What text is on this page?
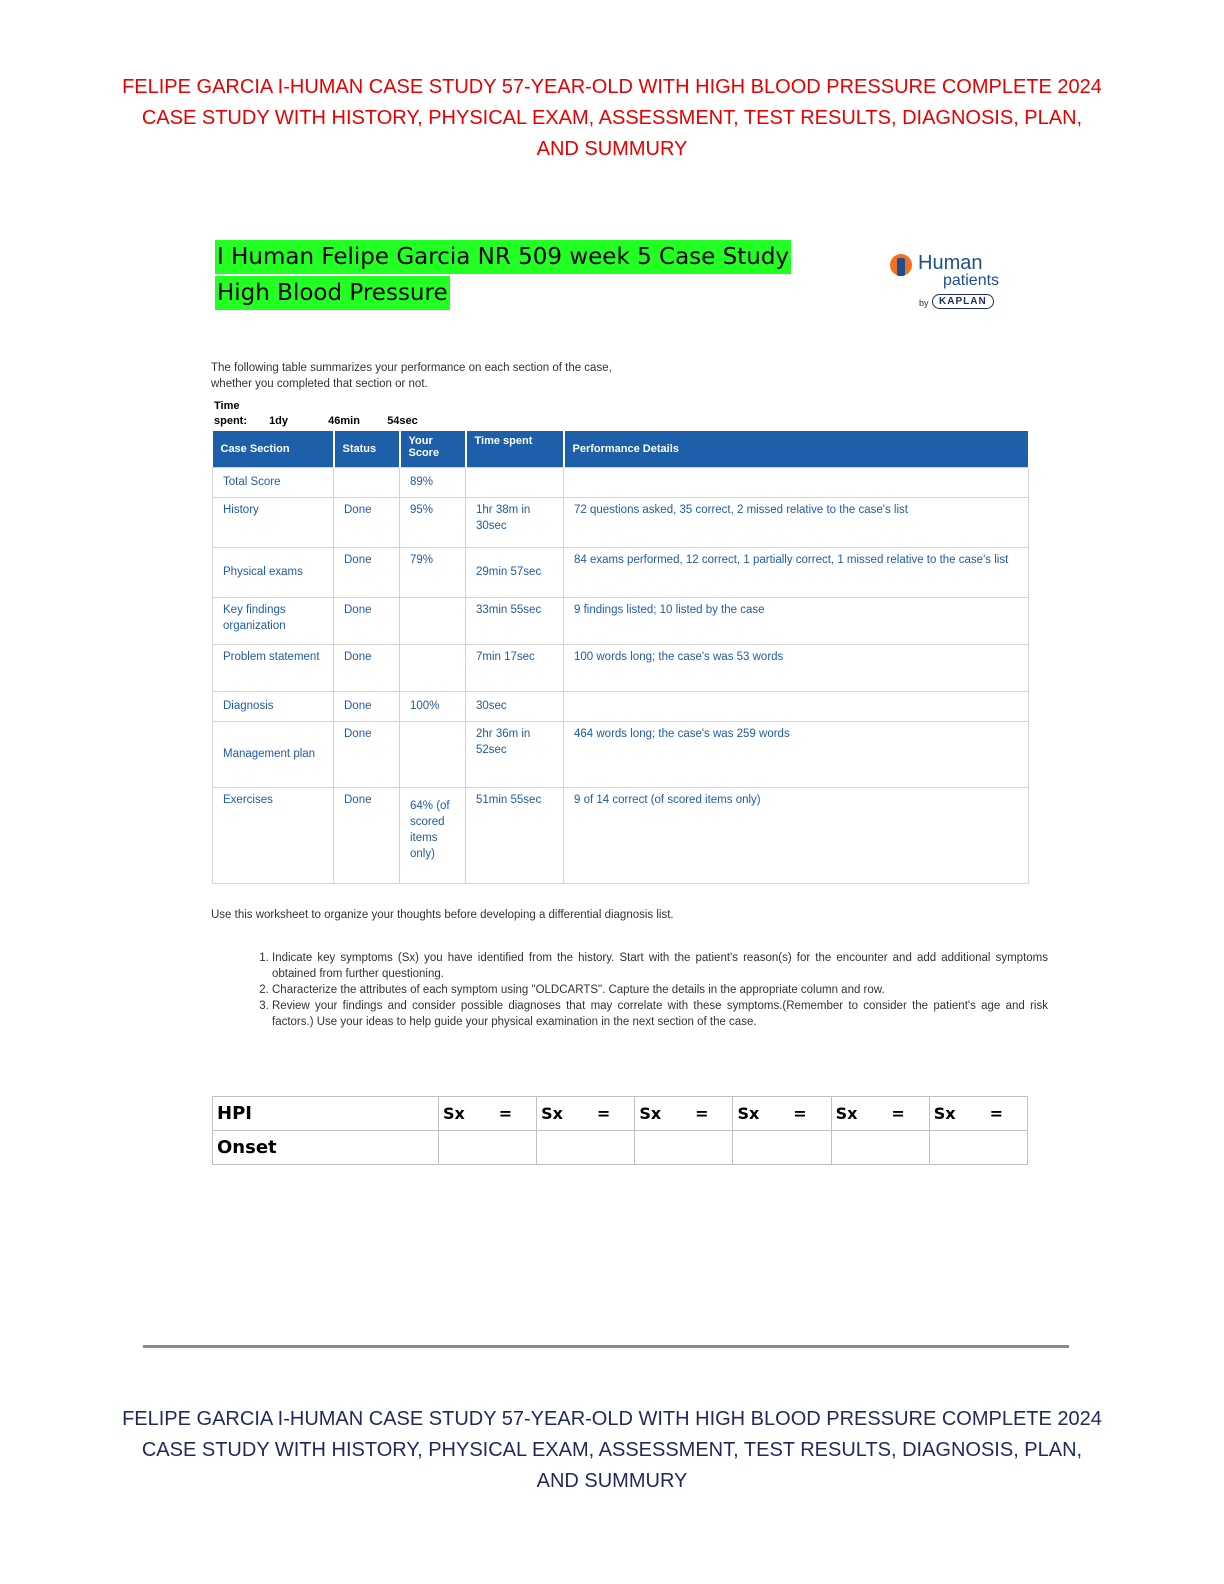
FELIPE GARCIA I-HUMAN CASE STUDY 57-YEAR-OLD WITH HIGH BLOOD PRESSURE COMPLETE 2024 CASE STUDY WITH HISTORY, PHYSICAL EXAM, ASSESSMENT, TEST RESULTS, DIAGNOSIS, PLAN, AND SUMMURY
I Human Felipe Garcia NR 509 week 5 Case Study
High Blood Pressure
Human
patients
by	KAPLAN
The following table summarizes your performance on each section of the case,
whether you completed that section or not.
Time spent: 1dy	46min 54sec

Case Section	Status	Your Score	Time spent	Performance Details
Total Score		89%		
History	Done	95%	1hr 38m in 30sec	72 questions asked, 35 correct, 2 missed relative to the case's list
Physical exams	Done	79%	29min 57sec	84 exams performed, 12 correct, 1 partially correct, 1 missed relative to the case's list
Key findings organization	Done		33min 55sec	9 findings listed; 10 listed by the case
Problem statement	Done		7min 17sec	100 words long; the case's was 53 words
Diagnosis	Done	100%	30sec	
Management plan	Done		2hr 36m in 52sec	464 words long; the case's was 259 words
Exercises	Done	64% (of scored items only)	51min 55sec	9 of 14 correct (of scored items only)
Use this worksheet to organize your thoughts before developing a differential diagnosis list.
1. Indicate key symptoms (Sx) you have identified from the history. Start with the patient's reason(s) for the encounter and add additional symptoms obtained from further questioning.
2. Characterize the attributes of each symptom using "OLDCARTS". Capture the details in the appropriate column and row.
3. Review your findings and consider possible diagnoses that may correlate with these symptoms.(Remember to consider the patient's age and risk factors.) Use your ideas to help guide your physical examination in the next section of the case.
HPI	Sx =	Sx =	Sx =	Sx =	Sx =	Sx =

Onset						
FELIPE GARCIA I-HUMAN CASE STUDY 57-YEAR-OLD WITH HIGH BLOOD PRESSURE COMPLETE 2024 CASE STUDY WITH HISTORY, PHYSICAL EXAM, ASSESSMENT, TEST RESULTS, DIAGNOSIS, PLAN, AND SUMMURY
